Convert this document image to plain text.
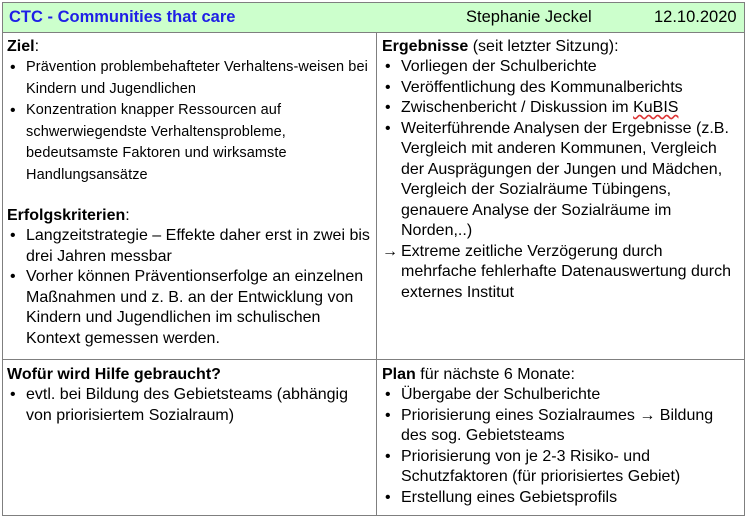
CTC - Communities that care	Stephanie Jeckel	12.10.2020
Ziel:
• Prävention problembehafteter Verhaltens-weisen bei Kindern und Jugendlichen
• Konzentration knapper Ressourcen auf schwerwiegendste Verhaltensprobleme, bedeutsamste Faktoren und wirksamste Handlungsansätze
Erfolgskriterien:
• Langzeitstrategie – Effekte daher erst in zwei bis drei Jahren messbar
• Vorher können Präventionserfolge an einzelnen Maßnahmen und z. B. an der Entwicklung von Kindern und Jugendlichen im schulischen Kontext gemessen werden.
Ergebnisse (seit letzter Sitzung):
• Vorliegen der Schulberichte
• Veröffentlichung des Kommunalberichts
• Zwischenbericht / Diskussion im KuBIS
• Weiterführende Analysen der Ergebnisse (z.B. Vergleich mit anderen Kommunen, Vergleich der Ausprägungen der Jungen und Mädchen, Vergleich der Sozialräume Tübingens, genauere Analyse der Sozialräume im Norden,..)
→ Extreme zeitliche Verzögerung durch mehrfache fehlerhafte Datenauswertung durch externes Institut
Wofür wird Hilfe gebraucht?
• evtl. bei Bildung des Gebietsteams (abhängig von priorisiertem Sozialraum)
Plan für nächste 6 Monate:
• Übergabe der Schulberichte
• Priorisierung eines Sozialraumes → Bildung des sog. Gebietsteams
• Priorisierung von je 2-3 Risiko- und Schutzfaktoren (für priorisiertes Gebiet)
• Erstellung eines Gebietsprofils
